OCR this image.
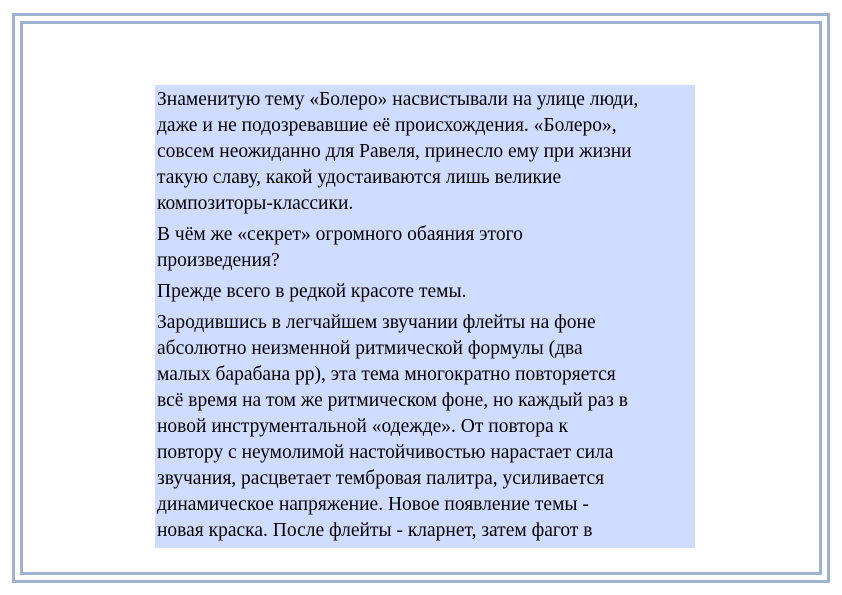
Знаменитую тему «Болеро» насвистывали на улице люди,
даже и не подозревавшие её происхождения. «Болеро»,
совсем неожиданно для Равеля, принесло ему при жизни
такую славу, какой удостаиваются лишь великие
композиторы-классики.

В чём же «секрет» огромного обаяния этого
произведения?

Прежде всего в редкой красоте темы.

Зародившись в легчайшем звучании флейты на фоне
абсолютно неизменной ритмической формулы (два
малых барабана pp), эта тема многократно повторяется
всё время на том же ритмическом фоне, но каждый раз в
новой инструментальной «одежде». От повтора к
повтору с неумолимой настойчивостью нарастает сила
звучания, расцветает тембровая палитра, усиливается
динамическое напряжение. Новое появление темы -
новая краска. После флейты - кларнет, затем фагот в
